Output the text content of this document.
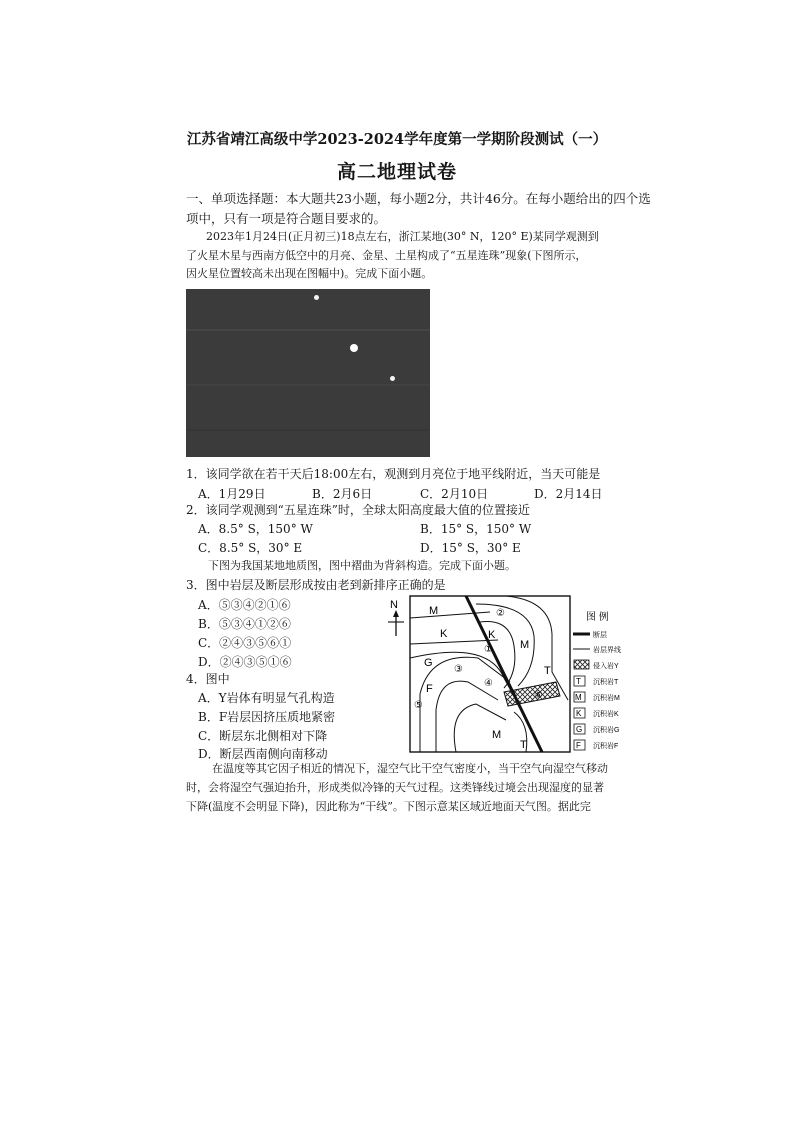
江苏省靖江高级中学2023-2024学年度第一学期阶段测试（一）
高二地理试卷
一、单项选择题：本大题共23小题，每小题2分，共计46分。在每小题给出的四个选
项中，只有一项是符合题目要求的。
2023年1月24日(正月初三)18点左右，浙江某地(30° N，120° E)某同学观测到
了火星木星与西南方低空中的月亮、金星、土星构成了“五星连珠”现象(下图所示，
因火星位置较高未出现在图幅中)。完成下面小题。
1．该同学欲在若干天后18:00左右，观测到月亮位于地平线附近，当天可能是
A．1月29日	B．2月6日	C．2月10日	D．2月14日
2．该同学观测到“五星连珠”时，全球太阳高度最大值的位置接近
A．8.5° S，150° W	B．15° S，150° W
C．8.5° S，30° E	D．15° S，30° E
下图为我国某地地质图，图中褶曲为背斜构造。完成下面小题。
3．图中岩层及断层形成按由老到新排序正确的是
A．⑤③④②①⑥
B．⑤③④①②⑥
C．②④③⑤⑥①
D．②④③⑤①⑥
4．图中
A．Y岩体有明显气孔构造
B．F岩层因挤压质地紧密
C．断层东北侧相对下降
D．断层西南侧向南移动
N	M
K
G
F
K
M
M
T
T
②
①
③
④
⑤
⑥
图 例
断层
岩层界线
侵入岩Y
T 沉积岩T
M 沉积岩M
K 沉积岩K
G 沉积岩G
F 沉积岩F
在温度等其它因子相近的情况下，湿空气比干空气密度小，当干空气向湿空气移动
时，会将湿空气强迫抬升，形成类似冷锋的天气过程。这类锋线过境会出现湿度的显著
下降(温度不会明显下降)，因此称为“干线”。下图示意某区域近地面天气图。据此完
